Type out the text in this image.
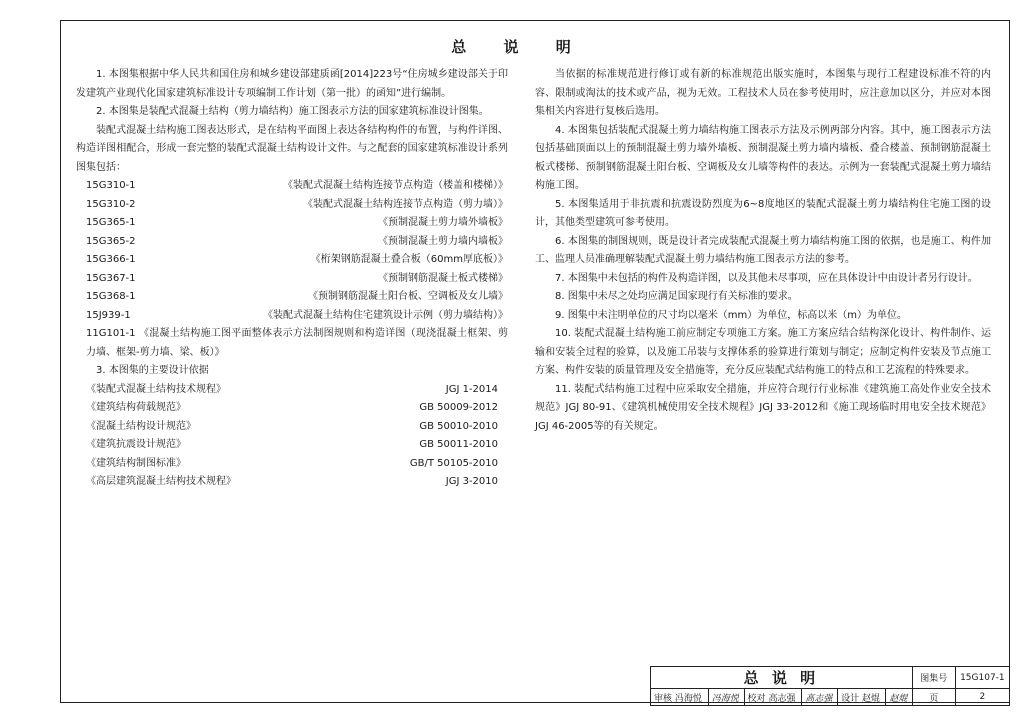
总 说 明

1. 本图集根据中华人民共和国住房和城乡建设部建质函[2014]223号“住房城乡建设部关于印发建筑产业现代化国家建筑标准设计专项编制工作计划（第一批）的函知”进行编制。

2. 本图集是装配式混凝土结构（剪力墙结构）施工图表示方法的国家建筑标准设计图集。

装配式混凝土结构施工图表达形式，是在结构平面图上表达各结构构件的布置，与构件详图、构造详图相配合，形成一套完整的装配式混凝土结构设计文件。与之配套的国家建筑标准设计系列图集包括：

15G310-1	《装配式混凝土结构连接节点构造（楼盖和楼梯）》
15G310-2	《装配式混凝土结构连接节点构造（剪力墙）》
15G365-1	《预制混凝土剪力墙外墙板》
15G365-2	《预制混凝土剪力墙内墙板》
15G366-1	《桁架钢筋混凝土叠合板（60mm厚底板）》
15G367-1	《预制钢筋混凝土板式楼梯》
15G368-1	《预制钢筋混凝土阳台板、空调板及女儿墙》
15J939-1	《装配式混凝土结构住宅建筑设计示例（剪力墙结构）》

11G101-1 《混凝土结构施工图平面整体表示方法制图规则和构造详图（现浇混凝土框架、剪力墙、框架-剪力墙、梁、板）》

3. 本图集的主要设计依据

《装配式混凝土结构技术规程》	JGJ 1-2014
《建筑结构荷载规范》	GB 50009-2012
《混凝土结构设计规范》	GB 50010-2010
《建筑抗震设计规范》	GB 50011-2010
《建筑结构制图标准》	GB/T 50105-2010
《高层建筑混凝土结构技术规程》	JGJ 3-2010

当依据的标准规范进行修订或有新的标准规范出版实施时，本图集与现行工程建设标准不符的内容、限制或淘汰的技术或产品，视为无效。工程技术人员在参考使用时，应注意加以区分，并应对本图集相关内容进行复核后选用。

4. 本图集包括装配式混凝土剪力墙结构施工图表示方法及示例两部分内容。其中，施工图表示方法包括基础顶面以上的预制混凝土剪力墙外墙板、预制混凝土剪力墙内墙板、叠合楼盖、预制钢筋混凝土板式楼梯、预制钢筋混凝土阳台板、空调板及女儿墙等构件的表达。示例为一套装配式混凝土剪力墙结构施工图。

5. 本图集适用于非抗震和抗震设防烈度为6~8度地区的装配式混凝土剪力墙结构住宅施工图的设计，其他类型建筑可参考使用。

6. 本图集的制图规则，既是设计者完成装配式混凝土剪力墙结构施工图的依据，也是施工、构件加工、监理人员准确理解装配式混凝土剪力墙结构施工图表示方法的参考。

7. 本图集中未包括的构件及构造详图，以及其他未尽事项，应在具体设计中由设计者另行设计。

8. 图集中未尽之处均应满足国家现行有关标准的要求。

9. 图集中未注明单位的尺寸均以毫米（mm）为单位，标高以米（m）为单位。

10. 装配式混凝土结构施工前应制定专项施工方案。施工方案应结合结构深化设计、构件制作、运输和安装全过程的验算，以及施工吊装与支撑体系的验算进行策划与制定；应制定构件安装及节点施工方案、构件安装的质量管理及安全措施等，充分反应装配式结构施工的特点和工艺流程的特殊要求。

11. 装配式结构施工过程中应采取安全措施，并应符合现行行业标准《建筑施工高处作业安全技术规范》JGJ 80-91、《建筑机械使用安全技术规程》JGJ 33-2012和《施工现场临时用电安全技术规范》JGJ 46-2005等的有关规定。

总 说 明						图集号	15G107-1
审核 冯海悦	冯海悦	校对 高志强	高志强	设计 赵焜	赵焜	页	2
